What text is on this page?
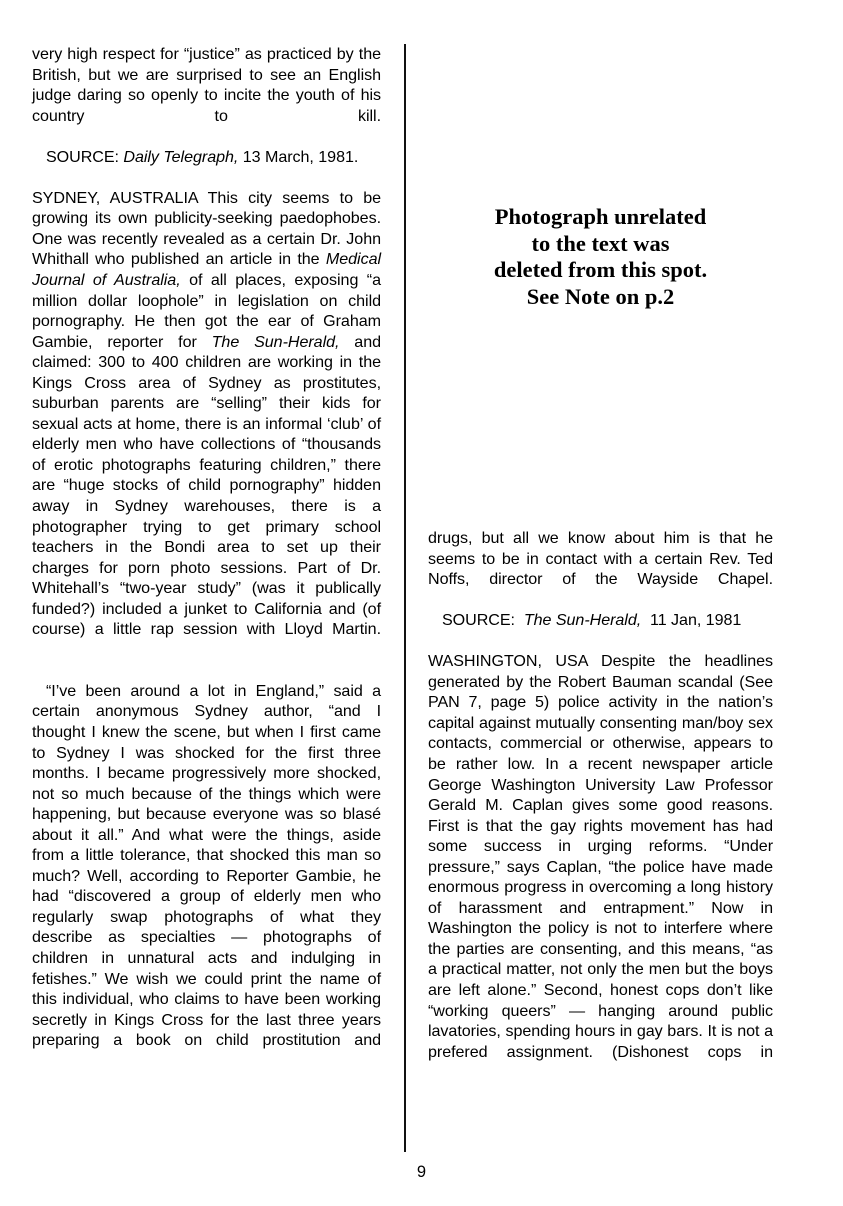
very high respect for “justice” as practiced by the British, but we are surprised to see an English judge daring so openly to incite the youth of his country to kill.

SOURCE: Daily Telegraph, 13 March, 1981.

SYDNEY, AUSTRALIA This city seems to be growing its own publicity-seeking paedophobes. One was recently revealed as a certain Dr. John Whithall who published an article in the Medical Journal of Australia, of all places, exposing “a million dollar loophole” in legislation on child pornography. He then got the ear of Graham Gambie, reporter for The Sun-Herald, and claimed: 300 to 400 children are working in the Kings Cross area of Sydney as prostitutes, suburban parents are “selling” their kids for sexual acts at home, there is an informal ‘club’ of elderly men who have collections of “thousands of erotic photographs featuring children,” there are “huge stocks of child pornography” hidden away in Sydney warehouses, there is a photographer trying to get primary school teachers in the Bondi area to set up their charges for porn photo sessions. Part of Dr. Whitehall’s “two-year study” (was it publically funded?) included a junket to California and (of course) a little rap session with Lloyd Martin.

“I’ve been around a lot in England,” said a certain anonymous Sydney author, “and I thought I knew the scene, but when I first came to Sydney I was shocked for the first three months. I became progressively more shocked, not so much because of the things which were happening, but because everyone was so blasé about it all.” And what were the things, aside from a little tolerance, that shocked this man so much? Well, according to Reporter Gambie, he had “discovered a group of elderly men who regularly swap photographs of what they describe as specialties — photographs of children in unnatural acts and indulging in fetishes.” We wish we could print the name of this individual, who claims to have been working secretly in Kings Cross for the last three years preparing a book on child prostitution and

Photograph unrelated
to the text was
deleted from this spot.
See Note on p.2

drugs, but all we know about him is that he seems to be in contact with a certain Rev. Ted Noffs, director of the Wayside Chapel.

SOURCE: The Sun-Herald, 11 Jan, 1981

WASHINGTON, USA Despite the headlines generated by the Robert Bauman scandal (See PAN 7, page 5) police activity in the nation’s capital against mutually consenting man/boy sex contacts, commercial or otherwise, appears to be rather low. In a recent newspaper article George Washington University Law Professor Gerald M. Caplan gives some good reasons. First is that the gay rights movement has had some success in urging reforms. “Under pressure,” says Caplan, “the police have made enormous progress in overcoming a long history of harassment and entrapment.” Now in Washington the policy is not to interfere where the parties are consenting, and this means, “as a practical matter, not only the men but the boys are left alone.” Second, honest cops don’t like “working queers” — hanging around public lavatories, spending hours in gay bars. It is not a prefered assignment. (Dishonest cops in

9
